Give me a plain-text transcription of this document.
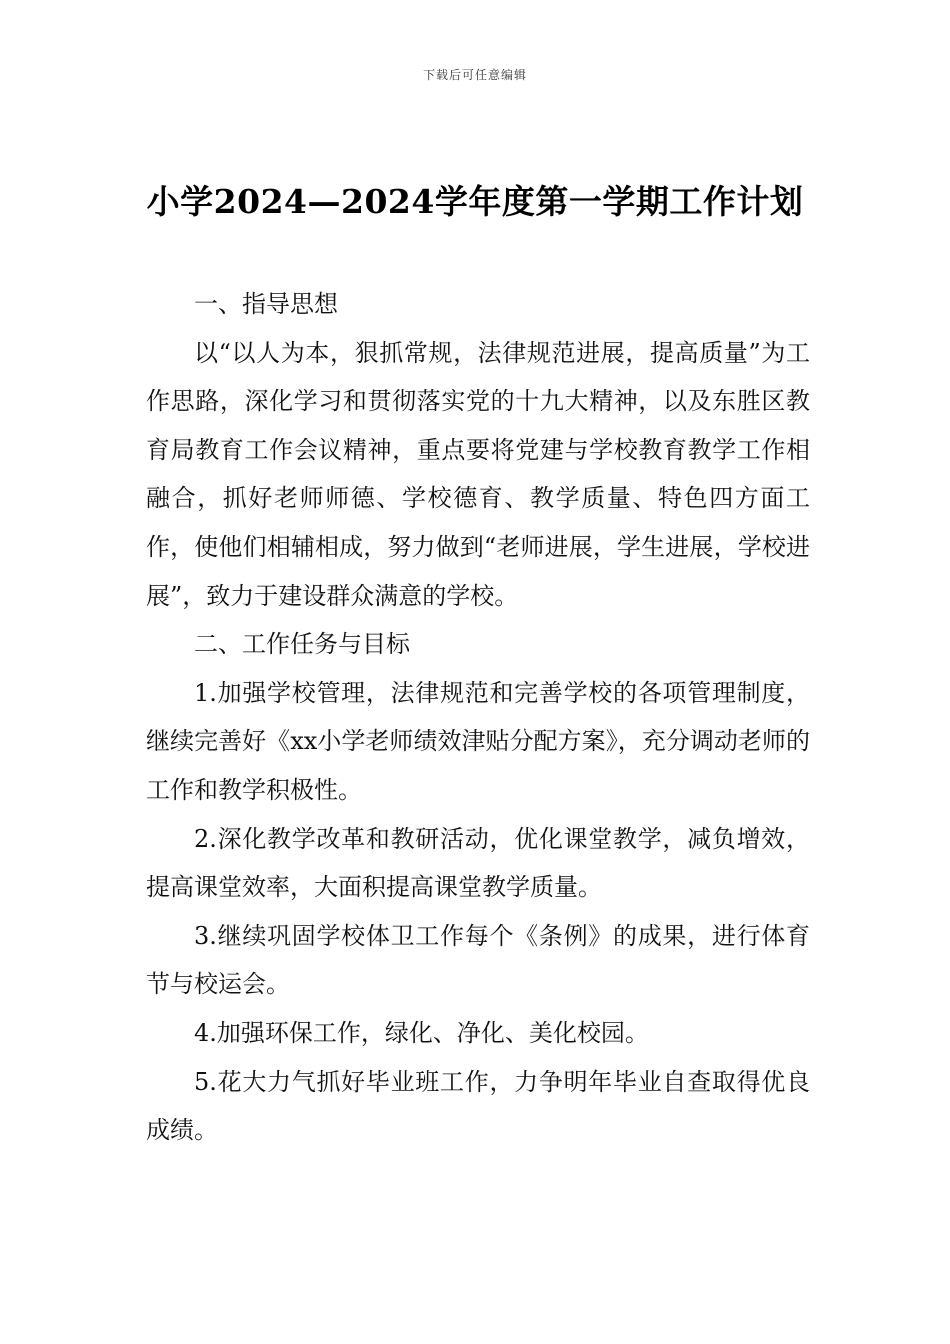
下载后可任意编辑
小学2024—2024学年度第一学期工作计划

一、指导思想

以“以人为本，狠抓常规，法律规范进展，提高质量”为工作思路，深化学习和贯彻落实党的十九大精神，以及东胜区教育局教育工作会议精神，重点要将党建与学校教育教学工作相融合，抓好老师师德、学校德育、教学质量、特色四方面工作，使他们相辅相成，努力做到“老师进展，学生进展，学校进展”，致力于建设群众满意的学校。

二、工作任务与目标

1.加强学校管理，法律规范和完善学校的各项管理制度，继续完善好《xx小学老师绩效津贴分配方案》，充分调动老师的工作和教学积极性。

2.深化教学改革和教研活动，优化课堂教学，减负增效，提高课堂效率，大面积提高课堂教学质量。

3.继续巩固学校体卫工作每个《条例》的成果，进行体育节与校运会。

4.加强环保工作，绿化、净化、美化校园。

5.花大力气抓好毕业班工作，力争明年毕业自查取得优良成绩。
